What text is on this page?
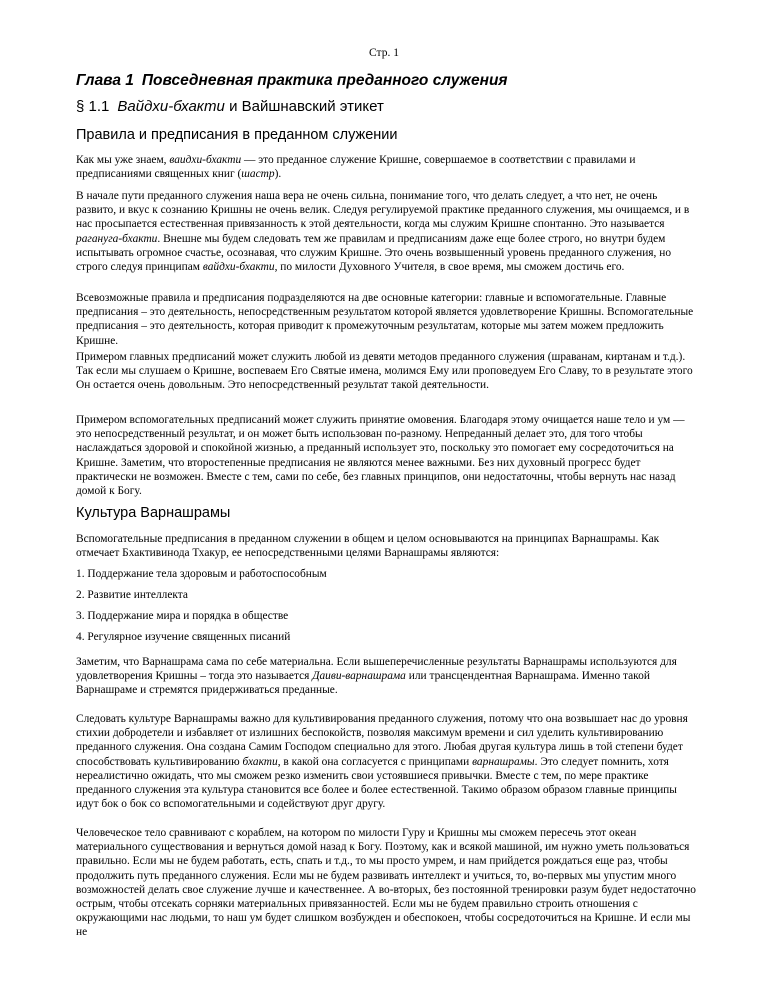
Стр. 1
Глава 1 Повседневная практика преданного служения
§ 1.1 Вайдхи-бхакти и Вайшнавский этикет
Правила и предписания в преданном служении

Как мы уже знаем, ваидхи-бхакти — это преданное служение Кришне, совершаемое в соответствии с правилами и предписаниями священных книг (шастр).

В начале пути преданного служения наша вера не очень сильна, понимание того, что делать следует, а что нет, не очень развито, и вкус к сознанию Кришны не очень велик. Следуя регулируемой практике преданного служения, мы очищаемся, и в нас просыпается естественная привязанность к этой деятельности, когда мы служим Кришне спонтанно. Это называется рагануга-бхакти. Внешне мы будем следовать тем же правилам и предписаниям даже еще более строго, но внутри будем испытывать огромное счастье, осознавая, что служим Кришне. Это очень возвышенный уровень преданного служения, но строго следуя принципам вайдхи-бхакти, по милости Духовного Учителя, в свое время, мы сможем достичь его.

Всевозможные правила и предписания подразделяются на две основные категории: главные и вспомогательные. Главные предписания – это деятельность, непосредственным результатом которой является удовлетворение Кришны. Вспомогательные предписания – это деятельность, которая приводит к промежуточным результатам, которые мы затем можем предложить Кришне.

Примером главных предписаний может служить любой из девяти методов преданного служения (шраванам, киртанам и т.д.). Так если мы слушаем о Кришне, воспеваем Его Святые имена, молимся Ему или проповедуем Его Славу, то в результате этого Он остается очень довольным. Это непосредственный результат такой деятельности.

Примером вспомогательных предписаний может служить принятие омовения. Благодаря этому очищается наше тело и ум — это непосредственный результат, и он может быть использован по-разному. Непреданный делает это, для того чтобы наслаждаться здоровой и спокойной жизнью, а преданный использует это, поскольку это помогает ему сосредоточиться на Кришне. Заметим, что второстепенные предписания не являются менее важными. Без них духовный прогресс будет практически не возможен. Вместе с тем, сами по себе, без главных принципов, они недостаточны, чтобы вернуть нас назад домой к Богу.

Культура Варнашрамы

Вспомогательные предписания в преданном служении в общем и целом основываются на принципах Варнашрамы. Как отмечает Бхактивинода Тхакур, ее непосредственными целями Варнашрамы являются:

1. Поддержание тела здоровым и работоспособным

2. Развитие интеллекта

3. Поддержание мира и порядка в обществе

4. Регулярное изучение священных писаний

Заметим, что Варнашрама сама по себе материальна. Если вышеперечисленные результаты Варнашрамы используются для удовлетворения Кришны – тогда это называется Даиви-варнашрама или трансцендентная Варнашрама. Именно такой Варнашраме и стремятся придерживаться преданные.

Следовать культуре Варнашрамы важно для культивирования преданного служения, потому что она возвышает нас до уровня стихии добродетели и избавляет от излишних беспокойств, позволяя максимум времени и сил уделить культивированию преданного служения. Она создана Самим Господом специально для этого. Любая другая культура лишь в той степени будет способствовать культивированию бхакти, в какой она согласуется с принципами варнашрамы. Это следует помнить, хотя нереалистично ожидать, что мы сможем резко изменить свои устоявшиеся привычки. Вместе с тем, по мере практике преданного служения эта культура становится все более и более естественной. Такимо образом образом главные принципы идут бок о бок со вспомогательными и содействуют друг другу.

Человеческое тело сравнивают с кораблем, на котором по милости Гуру и Кришны мы сможем пересечь этот океан материального существования и вернуться домой назад к Богу. Поэтому, как и всякой машиной, им нужно уметь пользоваться правильно. Если мы не будем работать, есть, спать и т.д., то мы просто умрем, и нам прийдется рождаться еще раз, чтобы продолжить путь преданного служения. Если мы не будем развивать интеллект и учиться, то, во-первых мы упустим много возможностей делать свое служение лучше и качественнее. А во-вторых, без постоянной тренировки разум будет недостаточно острым, чтобы отсекать сорняки материальных привязанностей. Если мы не будем правильно строить отношения с окружающими нас людьми, то наш ум будет слишком возбужден и обеспокоен, чтобы сосредоточиться на Кришне. И если мы не
